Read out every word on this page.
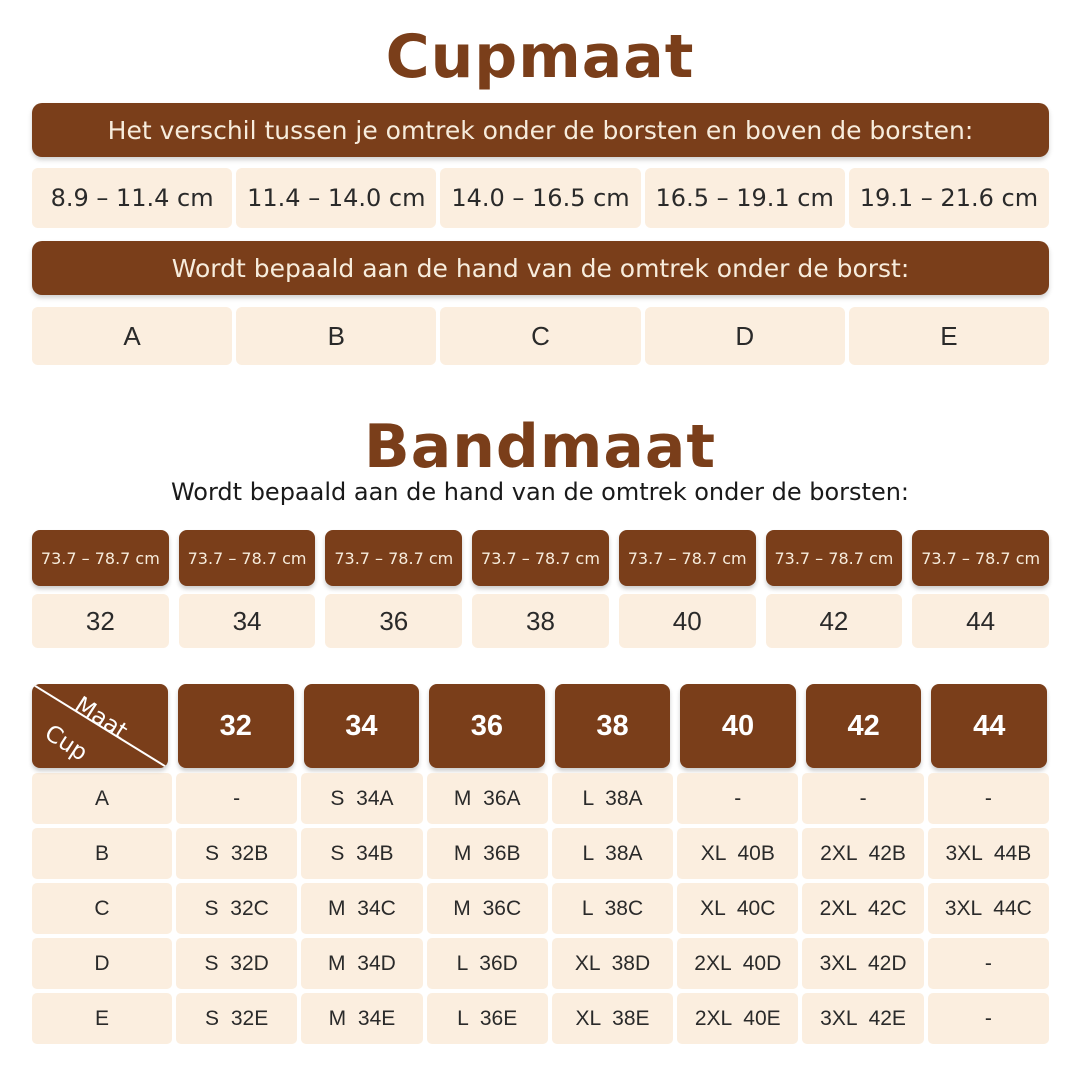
Cupmaat
Het verschil tussen je omtrek onder de borsten en boven de borsten:
8.9 – 11.4 cm	11.4 – 14.0 cm	14.0 – 16.5 cm	16.5 – 19.1 cm	19.1 – 21.6 cm
Wordt bepaald aan de hand van de omtrek onder de borst:
A	B	C	D	E
Bandmaat
Wordt bepaald aan de hand van de omtrek onder de borsten:
73.7 – 78.7 cm	73.7 – 78.7 cm	73.7 – 78.7 cm	73.7 – 78.7 cm	73.7 – 78.7 cm	73.7 – 78.7 cm	73.7 – 78.7 cm
32	34	36	38	40	42	44
Maat
Cup	32	34	36	38	40	42	44
A	-	S 34A	M 36A	L 38A	-	-	-
B	S 32B	S 34B	M 36B	L 38A	XL 40B	2XL 42B	3XL 44B
C	S 32C	M 34C	M 36C	L 38C	XL 40C	2XL 42C	3XL 44C
D	S 32D	M 34D	L 36D	XL 38D	2XL 40D	3XL 42D	-
E	S 32E	M 34E	L 36E	XL 38E	2XL 40E	3XL 42E	-
